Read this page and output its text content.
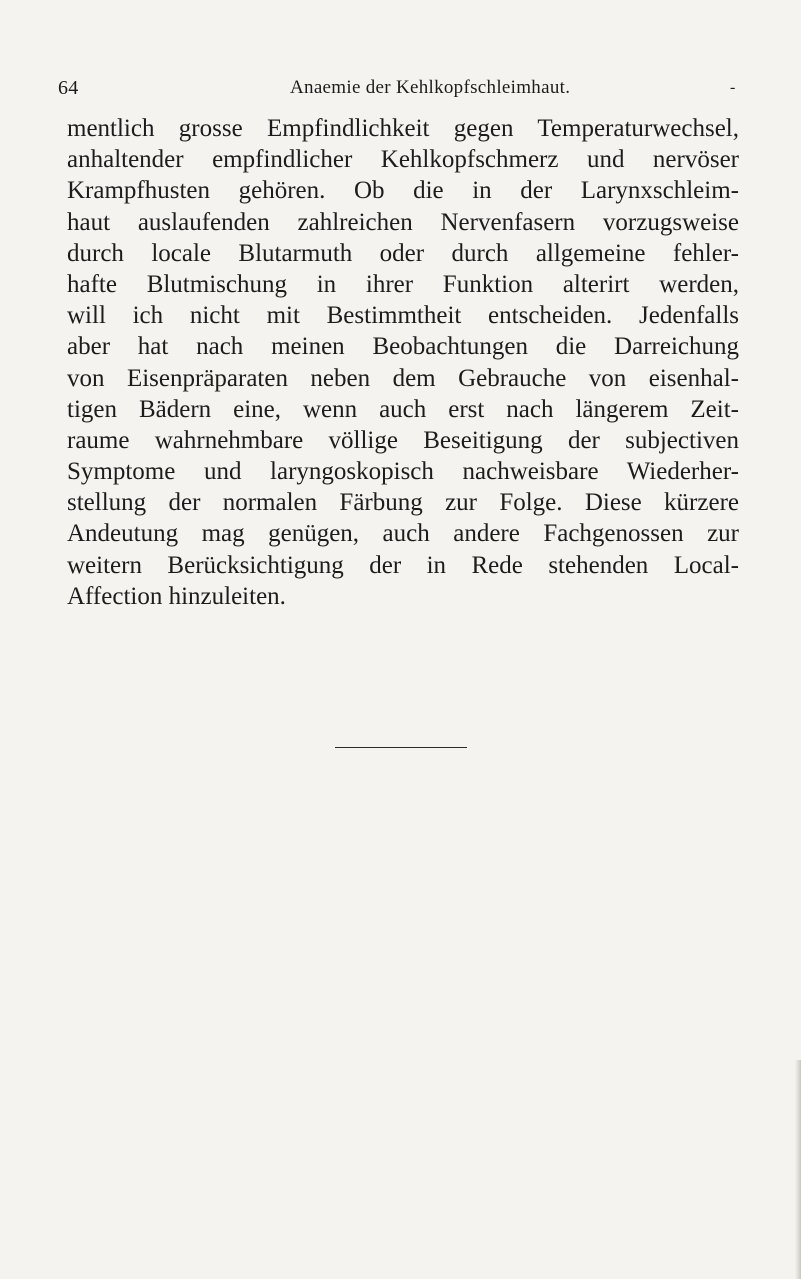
64	Anaemie der Kehlkopfschleimhaut.	-
mentlich grosse Empfindlichkeit gegen Temperaturwechsel,
anhaltender empfindlicher Kehlkopfschmerz und nervöser
Krampfhusten gehören. Ob die in der Larynxschleim-
haut auslaufenden zahlreichen Nervenfasern vorzugsweise
durch locale Blutarmuth oder durch allgemeine fehler-
hafte Blutmischung in ihrer Funktion alterirt werden,
will ich nicht mit Bestimmtheit entscheiden. Jedenfalls
aber hat nach meinen Beobachtungen die Darreichung
von Eisenpräparaten neben dem Gebrauche von eisenhal-
tigen Bädern eine, wenn auch erst nach längerem Zeit-
raume wahrnehmbare völlige Beseitigung der subjectiven
Symptome und laryngoskopisch nachweisbare Wiederher-
stellung der normalen Färbung zur Folge. Diese kürzere
Andeutung mag genügen, auch andere Fachgenossen zur
weitern Berücksichtigung der in Rede stehenden Local-
Affection hinzuleiten.
